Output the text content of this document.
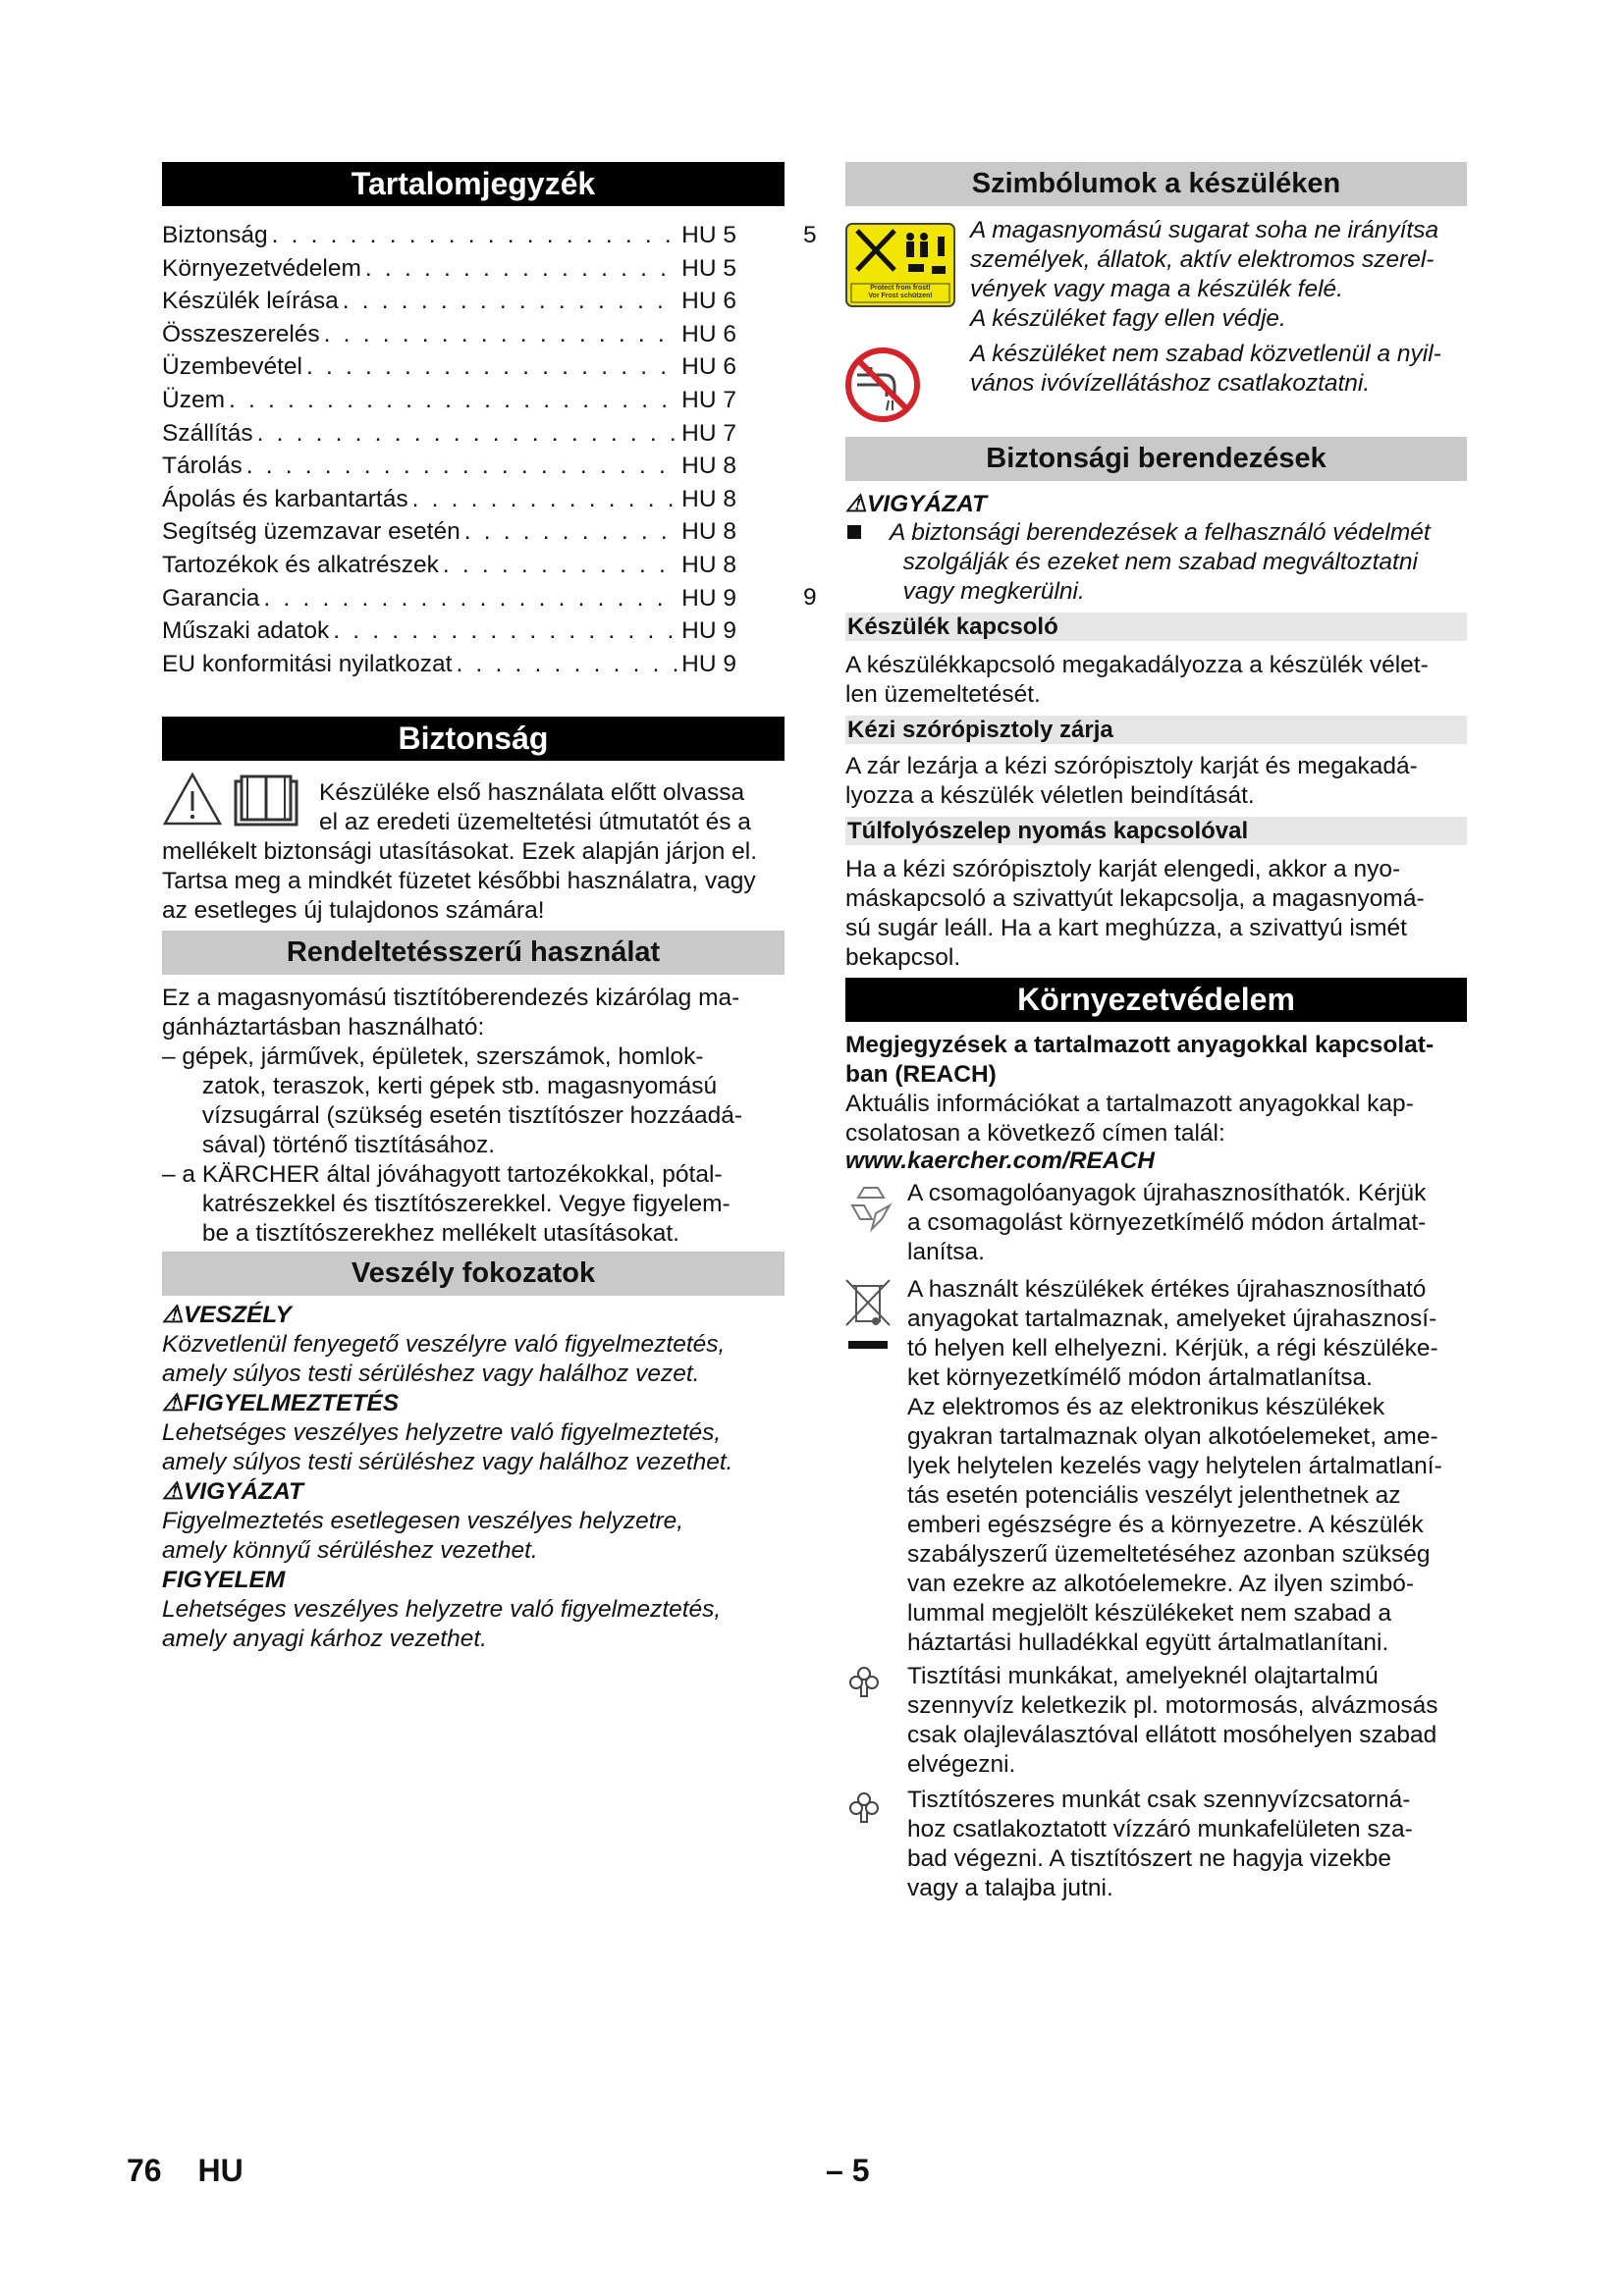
Tartalomjegyzék
Biztonság . . .	HU 5
Környezetvédelem . . .	HU 5
Készülék leírása . . .	HU 6
Összeszerelés . . .	HU 6
Üzembevétel . . .	HU 6
Üzem . . .	HU 7
Szállítás . . .	HU 7
Tárolás . . .	HU 8
Ápolás és karbantartás . . .	HU 8
Segítség üzemzavar esetén . . .	HU 8
Tartozékok és alkatrészek . . .	HU 8
Garancia . . .	HU 9
Műszaki adatok . . .	HU 9
EU konformitási nyilatkozat . . .	HU 9
5
9
Biztonság
Készüléke első használata előtt olvassa
el az eredeti üzemeltetési útmutatót és a
mellékelt biztonsági utasításokat. Ezek alapján járjon el.
Tartsa meg a mindkét füzetet későbbi használatra, vagy
az esetleges új tulajdonos számára!
Rendeltetésszerű használat
Ez a magasnyomású tisztítóberendezés kizárólag ma-
gánháztartásban használható:
– gépek, járművek, épületek, szerszámok, homlok-
zatok, teraszok, kerti gépek stb. magasnyomású
vízsugárral (szükség esetén tisztítószer hozzáadá-
sával) történő tisztításához.
– a KÄRCHER által jóváhagyott tartozékokkal, pótal-
katrészekkel és tisztítószerekkel. Vegye figyelem-
be a tisztítószerekhez mellékelt utasításokat.
Veszély fokozatok
⚠VESZÉLY
Közvetlenül fenyegető veszélyre való figyelmeztetés,
amely súlyos testi sérüléshez vagy halálhoz vezet.
⚠FIGYELMEZTETÉS
Lehetséges veszélyes helyzetre való figyelmeztetés,
amely súlyos testi sérüléshez vagy halálhoz vezethet.
⚠VIGYÁZAT
Figyelmeztetés esetlegesen veszélyes helyzetre,
amely könnyű sérüléshez vezethet.
FIGYELEM
Lehetséges veszélyes helyzetre való figyelmeztetés,
amely anyagi kárhoz vezethet.
Szimbólumok a készüléken
Protect from frost!
Vor Frost schützen!
A magasnyomású sugarat soha ne irányítsa
személyek, állatok, aktív elektromos szerel-
vények vagy maga a készülék felé.
A készüléket fagy ellen védje.
A készüléket nem szabad közvetlenül a nyil-
vános ivóvízellátáshoz csatlakoztatni.
Biztonsági berendezések
⚠VIGYÁZAT
A biztonsági berendezések a felhasználó védelmét
szolgálják és ezeket nem szabad megváltoztatni
vagy megkerülni.
Készülék kapcsoló
A készülékkapcsoló megakadályozza a készülék vélet-
len üzemeltetését.
Kézi szórópisztoly zárja
A zár lezárja a kézi szórópisztoly karját és megakadá-
lyozza a készülék véletlen beindítását.
Túlfolyószelep nyomás kapcsolóval
Ha a kézi szórópisztoly karját elengedi, akkor a nyo-
máskapcsoló a szivattyút lekapcsolja, a magasnyomá-
sú sugár leáll. Ha a kart meghúzza, a szivattyú ismét
bekapcsol.
Környezetvédelem
Megjegyzések a tartalmazott anyagokkal kapcsolat-
ban (REACH)
Aktuális információkat a tartalmazott anyagokkal kap-
csolatosan a következő címen talál:
www.kaercher.com/REACH
A csomagolóanyagok újrahasznosíthatók. Kérjük
a csomagolást környezetkímélő módon ártalmat-
lanítsa.
A használt készülékek értékes újrahasznosítható
anyagokat tartalmaznak, amelyeket újrahasznosí-
tó helyen kell elhelyezni. Kérjük, a régi készüléke-
ket környezetkímélő módon ártalmatlanítsa.
Az elektromos és az elektronikus készülékek
gyakran tartalmaznak olyan alkotóelemeket, ame-
lyek helytelen kezelés vagy helytelen ártalmatlaní-
tás esetén potenciális veszélyt jelenthetnek az
emberi egészségre és a környezetre. A készülék
szabályszerű üzemeltetéséhez azonban szükség
van ezekre az alkotóelemekre. Az ilyen szimbó-
lummal megjelölt készülékeket nem szabad a
háztartási hulladékkal együtt ártalmatlanítani.
Tisztítási munkákat, amelyeknél olajtartalmú
szennyvíz keletkezik pl. motormosás, alvázmosás
csak olajleválasztóval ellátott mosóhelyen szabad
elvégezni.
Tisztítószeres munkát csak szennyvízcsatorná-
hoz csatlakoztatott vízzáró munkafelületen sza-
bad végezni. A tisztítószert ne hagyja vizekbe
vagy a talajba jutni.
76 HU	– 5
